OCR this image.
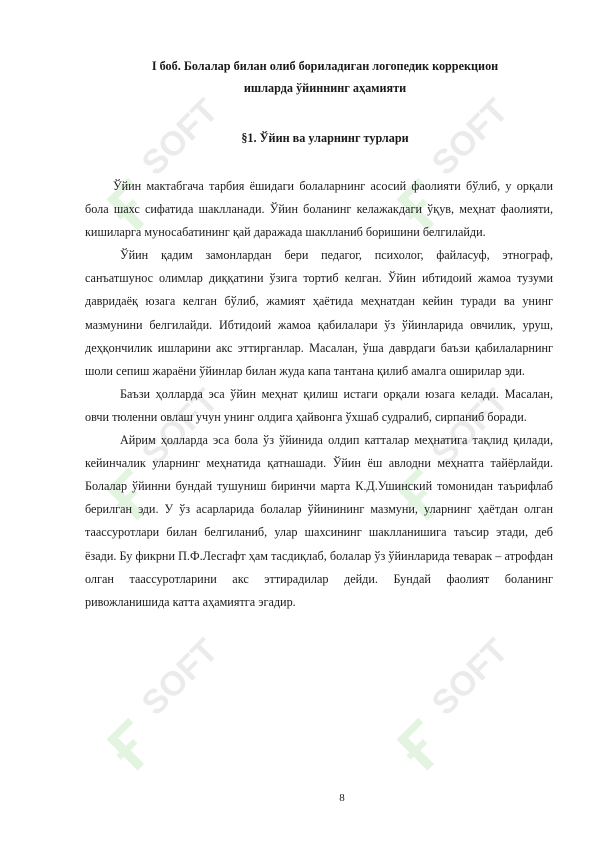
Ғ
SOFT
Ғ
SOFT
Ғ
SOFT
Ғ
SOFT
Ғ
SOFT
Ғ
SOFT
I боб. Болалар билан олиб бориладиган логопедик коррекцион
ишларда ўйиннинг аҳамияти
§1. Ўйин ва уларнинг турлари

Ўйин мактабгача тарбия ёшидаги болаларнинг асосий фаолияти бўлиб, у орқали бола шахс сифатида шаклланади. Ўйин боланинг келажакдаги ўқув, меҳнат фаолияти, кишиларга муносабатининг қай даражада шаклланиб боришини белгилайди.

Ўйин қадим замонлардан бери педагог, психолог, файласуф, этнограф, санъатшунос олимлар диққатини ўзига тортиб келган. Ўйин ибтидоий жамоа тузуми давридаёқ юзага келган бўлиб, жамият ҳаётида меҳнатдан кейин туради ва унинг мазмунини белгилайди. Ибтидоий жамоа қабилалари ўз ўйинларида овчилик, уруш, деҳқончилик ишларини акс эттирганлар. Масалан, ўша даврдаги баъзи қабилаларнинг шоли сепиш жараёни ўйинлар билан жуда капа тантана қилиб амалга оширилар эди.

Баъзи ҳолларда эса ўйин меҳнат қилиш истаги орқали юзага келади. Масалан, овчи тюленни овлаш учун унинг олдига ҳайвонга ўхшаб судралиб, сирпаниб боради.

Айрим ҳолларда эса бола ўз ўйинида олдип катталар меҳнатига тақлид қилади, кейинчалик уларнинг меҳнатида қатнашади. Ўйин ёш авлодни меҳнатга тайёрлайди. Болалар ўйинни бундай тушуниш биринчи марта К.Д.Ушинский томонидан таърифлаб берилган эди. У ўз асарларида болалар ўйинининг мазмуни, уларнинг ҳаётдан олган таассуротлари билан белгиланиб, улар шахсининг шаклланишига таъсир этади, деб ёзади. Бу фикрни П.Ф.Лесгафт ҳам тасдиқлаб, болалар ўз ўйинларида теварак – атрофдан олган таассуротларини акс эттирадилар дейди. Бундай фаолият боланинг ривожланишида катта аҳамиятга эгадир.

8
